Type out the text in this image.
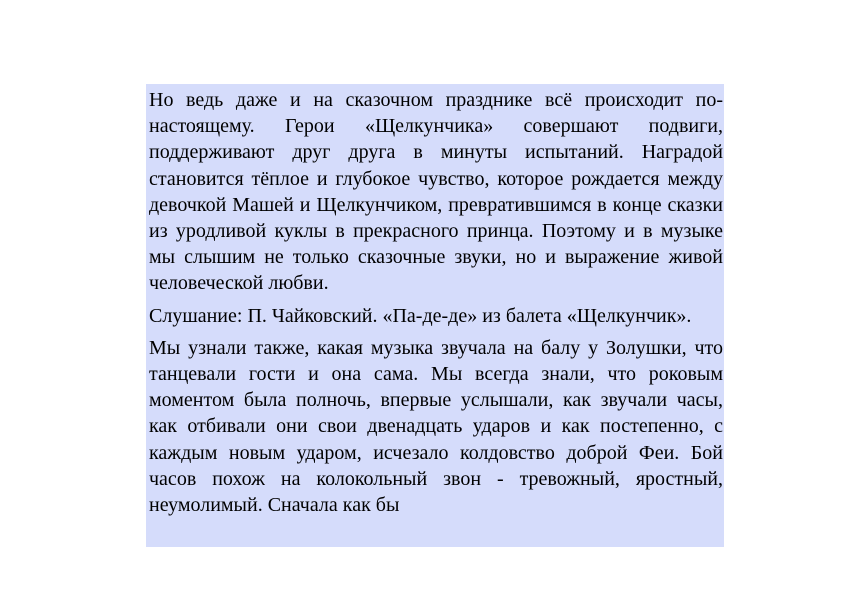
Но ведь даже и на сказочном празднике всё происходит по-настоящему. Герои «Щелкунчика» совершают подвиги, поддерживают друг друга в минуты испытаний. Наградой становится тёплое и глубокое чувство, которое рождается между девочкой Машей и Щелкунчиком, превратившимся в конце сказки из уродливой куклы в прекрасного принца. Поэтому и в музыке мы слышим не только сказочные звуки, но и выражение живой человеческой любви.

Слушание: П. Чайковский. «Па-де-де» из балета «Щелкунчик».

Мы узнали также, какая музыка звучала на балу у Золушки, что танцевали гости и она сама. Мы всегда знали, что роковым моментом была полночь, впервые услышали, как звучали часы, как отбивали они свои двенадцать ударов и как постепенно, с каждым новым ударом, исчезало колдовство доброй Феи. Бой часов похож на колокольный звон - тревожный, яростный, неумолимый. Сначала как бы
